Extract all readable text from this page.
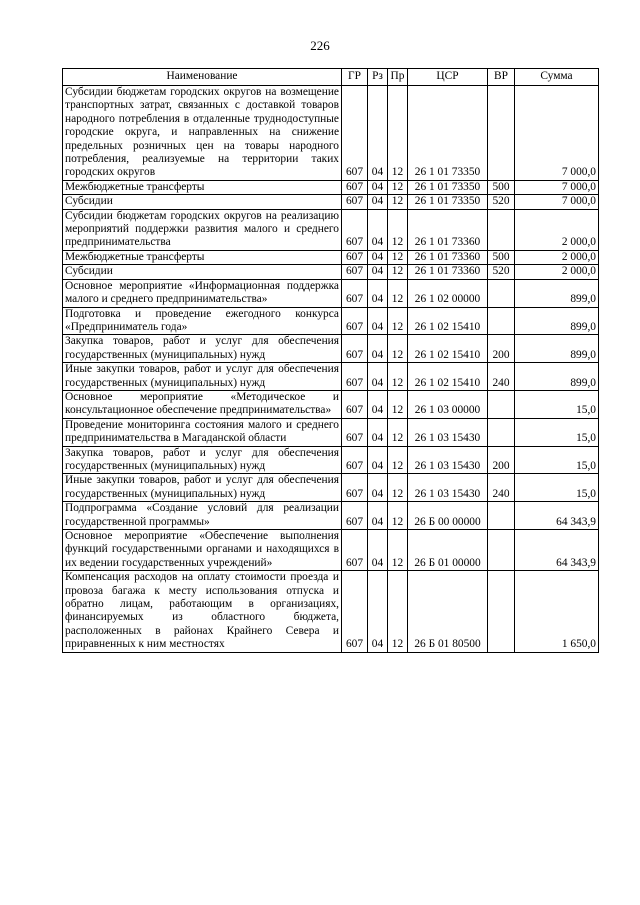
226
Наименование	ГР	Рз	Пр	ЦСР	ВР	Сумма
Субсидии бюджетам городских округов на возмещение транспортных затрат, связанных с доставкой товаров народного потребления в отдаленные труднодоступные городские округа, и направленных на снижение предельных розничных цен на товары народного потребления, реализуемые на территории таких городских округов	607	04	12	26 1 01 73350		7 000,0
Межбюджетные трансферты	607	04	12	26 1 01 73350	500	7 000,0
Субсидии	607	04	12	26 1 01 73350	520	7 000,0
Субсидии бюджетам городских округов на реализацию мероприятий поддержки развития малого и среднего предпринимательства	607	04	12	26 1 01 73360		2 000,0
Межбюджетные трансферты	607	04	12	26 1 01 73360	500	2 000,0
Субсидии	607	04	12	26 1 01 73360	520	2 000,0
Основное мероприятие «Информационная поддержка малого и среднего предпринимательства»	607	04	12	26 1 02 00000		899,0
Подготовка и проведение ежегодного конкурса «Предприниматель года»	607	04	12	26 1 02 15410		899,0
Закупка товаров, работ и услуг для обеспечения государственных (муниципальных) нужд	607	04	12	26 1 02 15410	200	899,0
Иные закупки товаров, работ и услуг для обеспечения государственных (муниципальных) нужд	607	04	12	26 1 02 15410	240	899,0
Основное мероприятие «Методическое и консультационное обеспечение предпринимательства»	607	04	12	26 1 03 00000		15,0
Проведение мониторинга состояния малого и среднего предпринимательства в Магаданской области	607	04	12	26 1 03 15430		15,0
Закупка товаров, работ и услуг для обеспечения государственных (муниципальных) нужд	607	04	12	26 1 03 15430	200	15,0
Иные закупки товаров, работ и услуг для обеспечения государственных (муниципальных) нужд	607	04	12	26 1 03 15430	240	15,0
Подпрограмма «Создание условий для реализации государственной программы»	607	04	12	26 Б 00 00000		64 343,9
Основное мероприятие «Обеспечение выполнения функций государственными органами и находящихся в их ведении государственных учреждений»	607	04	12	26 Б 01 00000		64 343,9
Компенсация расходов на оплату стоимости проезда и провоза багажа к месту использования отпуска и обратно лицам, работающим в организациях, финансируемых из областного бюджета, расположенных в районах Крайнего Севера и приравненных к ним местностях	607	04	12	26 Б 01 80500		1 650,0
